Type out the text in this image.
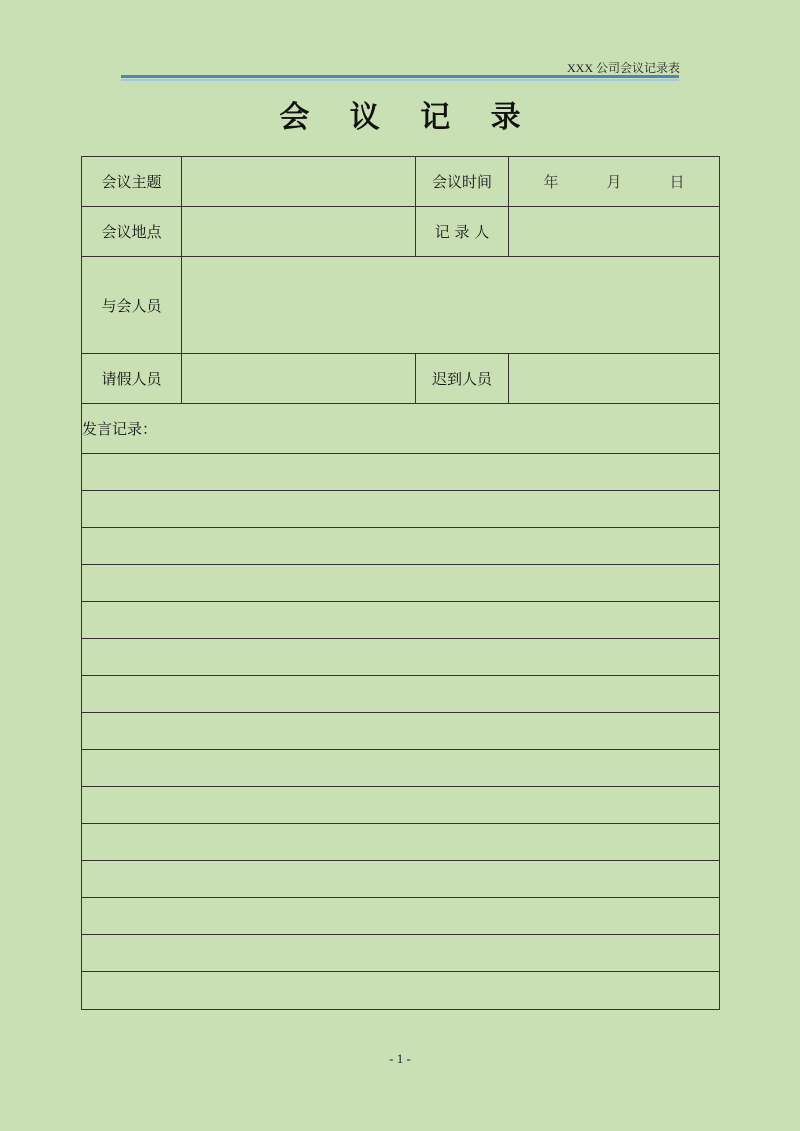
XXX 公司会议记录表
会 议 记 录
会议主题		会议时间	年 月 日
会议地点		记 录 人	
与会人员			
请假人员		迟到人员	
发言记录：			

- 1 -
